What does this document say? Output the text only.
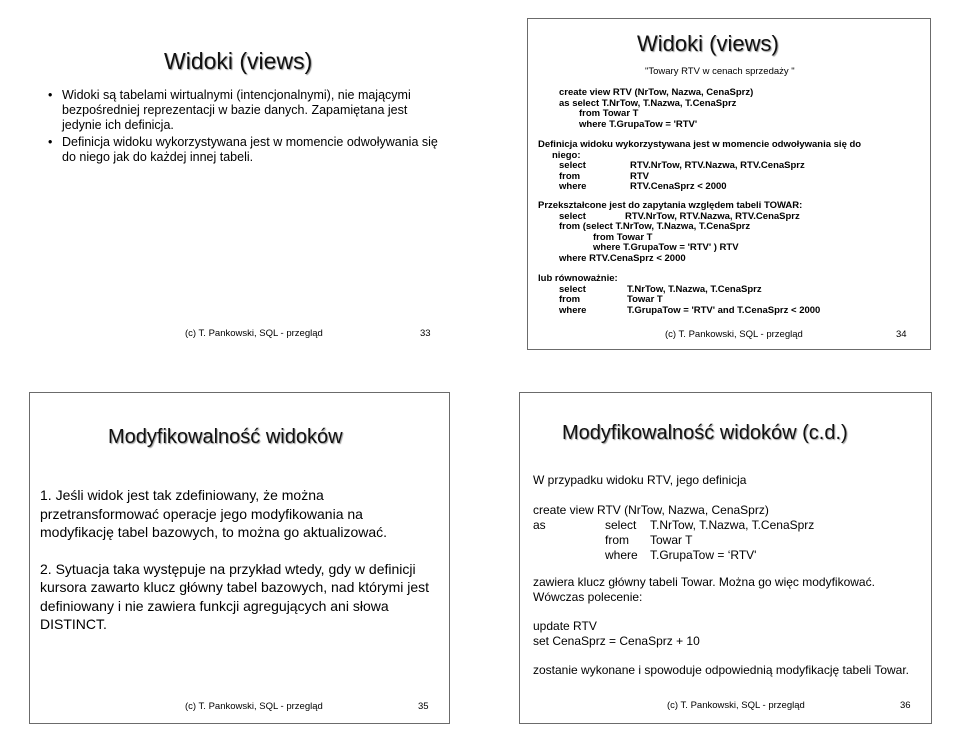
Widoki (views)
• Widoki są tabelami wirtualnymi (intencjonalnymi), nie mającymi bezpośredniej reprezentacji w bazie danych. Zapamiętana jest jedynie ich definicja.
• Definicja widoku wykorzystywana jest w momencie odwoływania się do niego jak do każdej innej tabeli.
(c) T. Pankowski, SQL - przegląd	33
Widoki (views)
"Towary RTV w cenach sprzedaży "
create view RTV (NrTow, Nazwa, CenaSprz)
as select T.NrTow, T.Nazwa, T.CenaSprz
from Towar T
where T.GrupaTow = 'RTV'
Definicja widoku wykorzystywana jest w momencie odwoływania się do
niego:
select	RTV.NrTow, RTV.Nazwa, RTV.CenaSprz
from	RTV
where	RTV.CenaSprz < 2000
Przekształcone jest do zapytania względem tabeli TOWAR:
select	RTV.NrTow, RTV.Nazwa, RTV.CenaSprz
from (select T.NrTow, T.Nazwa, T.CenaSprz
from Towar T
where T.GrupaTow = 'RTV' ) RTV
where RTV.CenaSprz < 2000
lub równoważnie:
select	T.NrTow, T.Nazwa, T.CenaSprz
from	Towar T
where	T.GrupaTow = 'RTV' and T.CenaSprz < 2000
(c) T. Pankowski, SQL - przegląd	34
Modyfikowalność widoków
1. Jeśli widok jest tak zdefiniowany, że można przetransformować operacje jego modyfikowania na modyfikację tabel bazowych, to można go aktualizować.
2. Sytuacja taka występuje na przykład wtedy, gdy w definicji kursora zawarto klucz główny tabel bazowych, nad którymi jest definiowany i nie zawiera funkcji agregujących ani słowa DISTINCT.
(c) T. Pankowski, SQL - przegląd	35
Modyfikowalność widoków (c.d.)
W przypadku widoku RTV, jego definicja
create view RTV (NrTow, Nazwa, CenaSprz)
as	select T.NrTow, T.Nazwa, T.CenaSprz
from Towar T
where T.GrupaTow = ‘RTV'
zawiera klucz główny tabeli Towar. Można go więc modyfikować.
Wówczas polecenie:
update RTV
set CenaSprz = CenaSprz + 10
zostanie wykonane i spowoduje odpowiednią modyfikację tabeli Towar.
(c) T. Pankowski, SQL - przegląd	36
